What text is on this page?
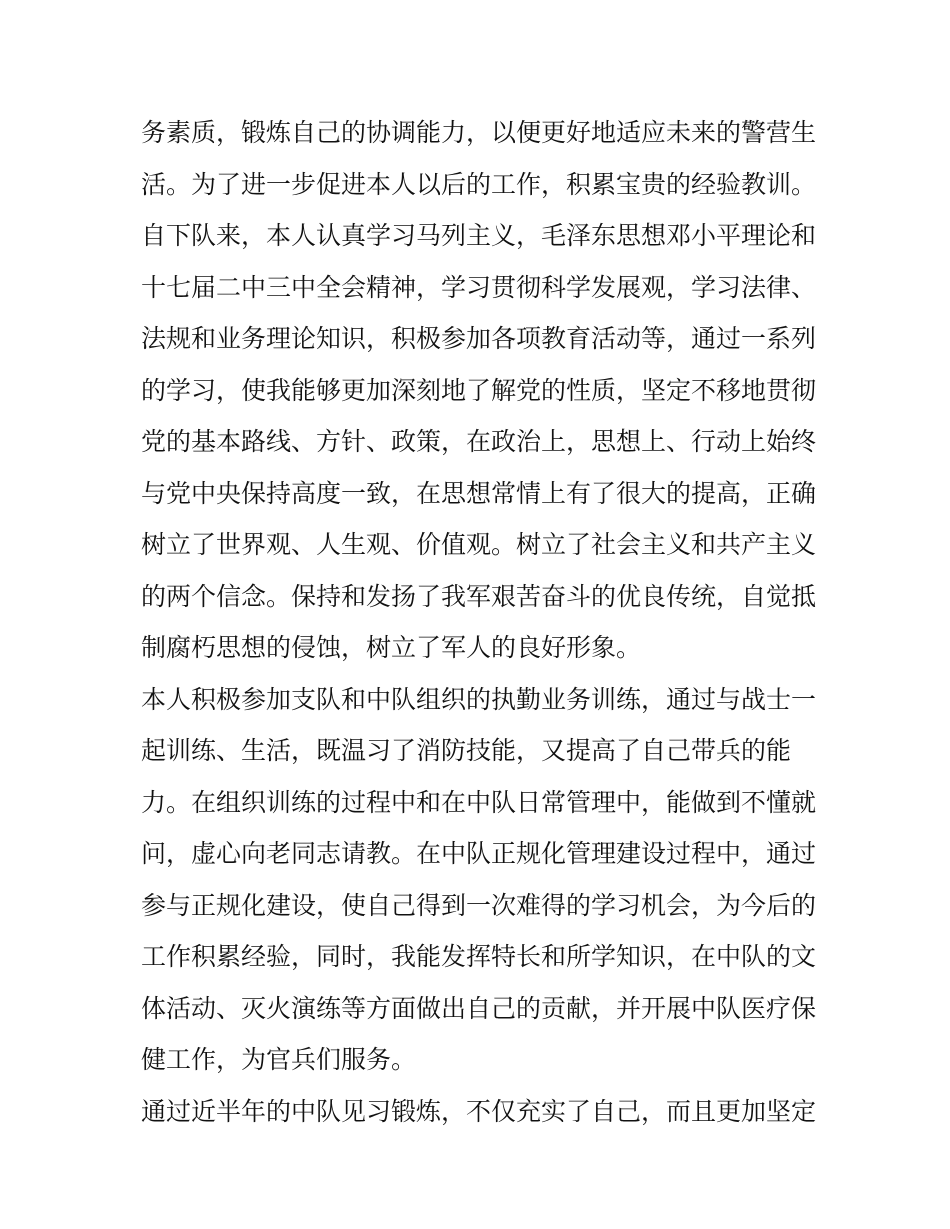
务素质，锻炼自己的协调能力，以便更好地适应未来的警营生
活。为了进一步促进本人以后的工作，积累宝贵的经验教训。
自下队来，本人认真学习马列主义，毛泽东思想邓小平理论和
十七届二中三中全会精神，学习贯彻科学发展观，学习法律、
法规和业务理论知识，积极参加各项教育活动等，通过一系列
的学习，使我能够更加深刻地了解党的性质，坚定不移地贯彻
党的基本路线、方针、政策，在政治上，思想上、行动上始终
与党中央保持高度一致，在思想常情上有了很大的提高，正确
树立了世界观、人生观、价值观。树立了社会主义和共产主义
的两个信念。保持和发扬了我军艰苦奋斗的优良传统，自觉抵
制腐朽思想的侵蚀，树立了军人的良好形象。
本人积极参加支队和中队组织的执勤业务训练，通过与战士一
起训练、生活，既温习了消防技能，又提高了自己带兵的能
力。在组织训练的过程中和在中队日常管理中，能做到不懂就
问，虚心向老同志请教。在中队正规化管理建设过程中，通过
参与正规化建设，使自己得到一次难得的学习机会，为今后的
工作积累经验，同时，我能发挥特长和所学知识，在中队的文
体活动、灭火演练等方面做出自己的贡献，并开展中队医疗保
健工作，为官兵们服务。
通过近半年的中队见习锻炼，不仅充实了自己，而且更加坚定
